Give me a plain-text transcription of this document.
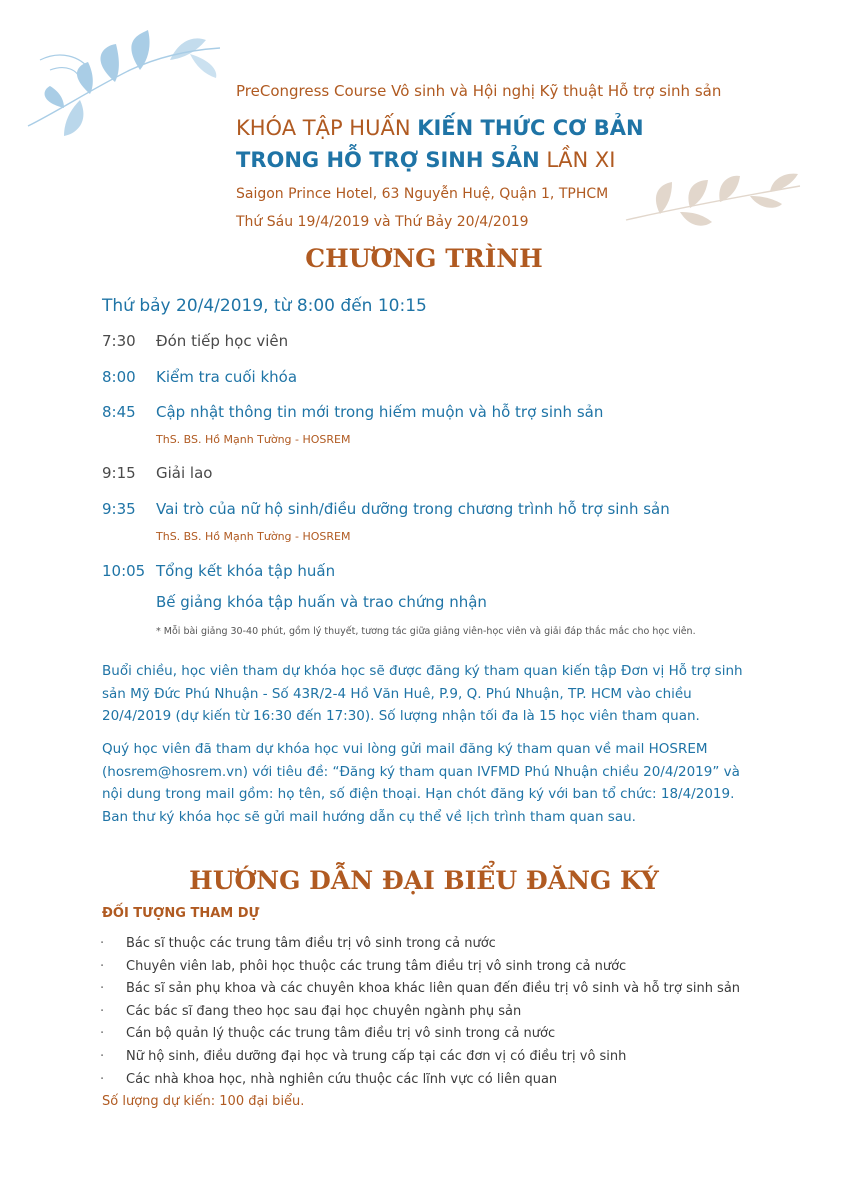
PreCongress Course Vô sinh và Hội nghị Kỹ thuật Hỗ trợ sinh sản
KHÓA TẬP HUẤN KIẾN THỨC CƠ BẢN
TRONG HỖ TRỢ SINH SẢN LẦN XI
Saigon Prince Hotel, 63 Nguyễn Huệ, Quận 1, TPHCM
Thứ Sáu 19/4/2019 và Thứ Bảy 20/4/2019
CHƯƠNG TRÌNH
Thứ bảy 20/4/2019, từ 8:00 đến 10:15
7:30 Đón tiếp học viên
8:00 Kiểm tra cuối khóa
8:45 Cập nhật thông tin mới trong hiếm muộn và hỗ trợ sinh sản
ThS. BS. Hồ Mạnh Tường - HOSREM
9:15 Giải lao
9:35 Vai trò của nữ hộ sinh/điều dưỡng trong chương trình hỗ trợ sinh sản
ThS. BS. Hồ Mạnh Tường - HOSREM
10:05 Tổng kết khóa tập huấn
Bế giảng khóa tập huấn và trao chứng nhận
* Mỗi bài giảng 30-40 phút, gồm lý thuyết, tương tác giữa giảng viên-học viên và giải đáp thắc mắc cho học viên.
Buổi chiều, học viên tham dự khóa học sẽ được đăng ký tham quan kiến tập Đơn vị Hỗ trợ sinh sản Mỹ Đức Phú Nhuận - Số 43R/2-4 Hồ Văn Huê, P.9, Q. Phú Nhuận, TP. HCM vào chiều 20/4/2019 (dự kiến từ 16:30 đến 17:30). Số lượng nhận tối đa là 15 học viên tham quan.
Quý học viên đã tham dự khóa học vui lòng gửi mail đăng ký tham quan về mail HOSREM (hosrem@hosrem.vn) với tiêu đề: “Đăng ký tham quan IVFMD Phú Nhuận chiều 20/4/2019” và nội dung trong mail gồm: họ tên, số điện thoại. Hạn chót đăng ký với ban tổ chức: 18/4/2019. Ban thư ký khóa học sẽ gửi mail hướng dẫn cụ thể về lịch trình tham quan sau.
HƯỚNG DẪN ĐẠI BIỂU ĐĂNG KÝ
ĐỐI TƯỢNG THAM DỰ
· Bác sĩ thuộc các trung tâm điều trị vô sinh trong cả nước
· Chuyên viên lab, phôi học thuộc các trung tâm điều trị vô sinh trong cả nước
· Bác sĩ sản phụ khoa và các chuyên khoa khác liên quan đến điều trị vô sinh và hỗ trợ sinh sản
· Các bác sĩ đang theo học sau đại học chuyên ngành phụ sản
· Cán bộ quản lý thuộc các trung tâm điều trị vô sinh trong cả nước
· Nữ hộ sinh, điều dưỡng đại học và trung cấp tại các đơn vị có điều trị vô sinh
· Các nhà khoa học, nhà nghiên cứu thuộc các lĩnh vực có liên quan
Số lượng dự kiến: 100 đại biểu.
